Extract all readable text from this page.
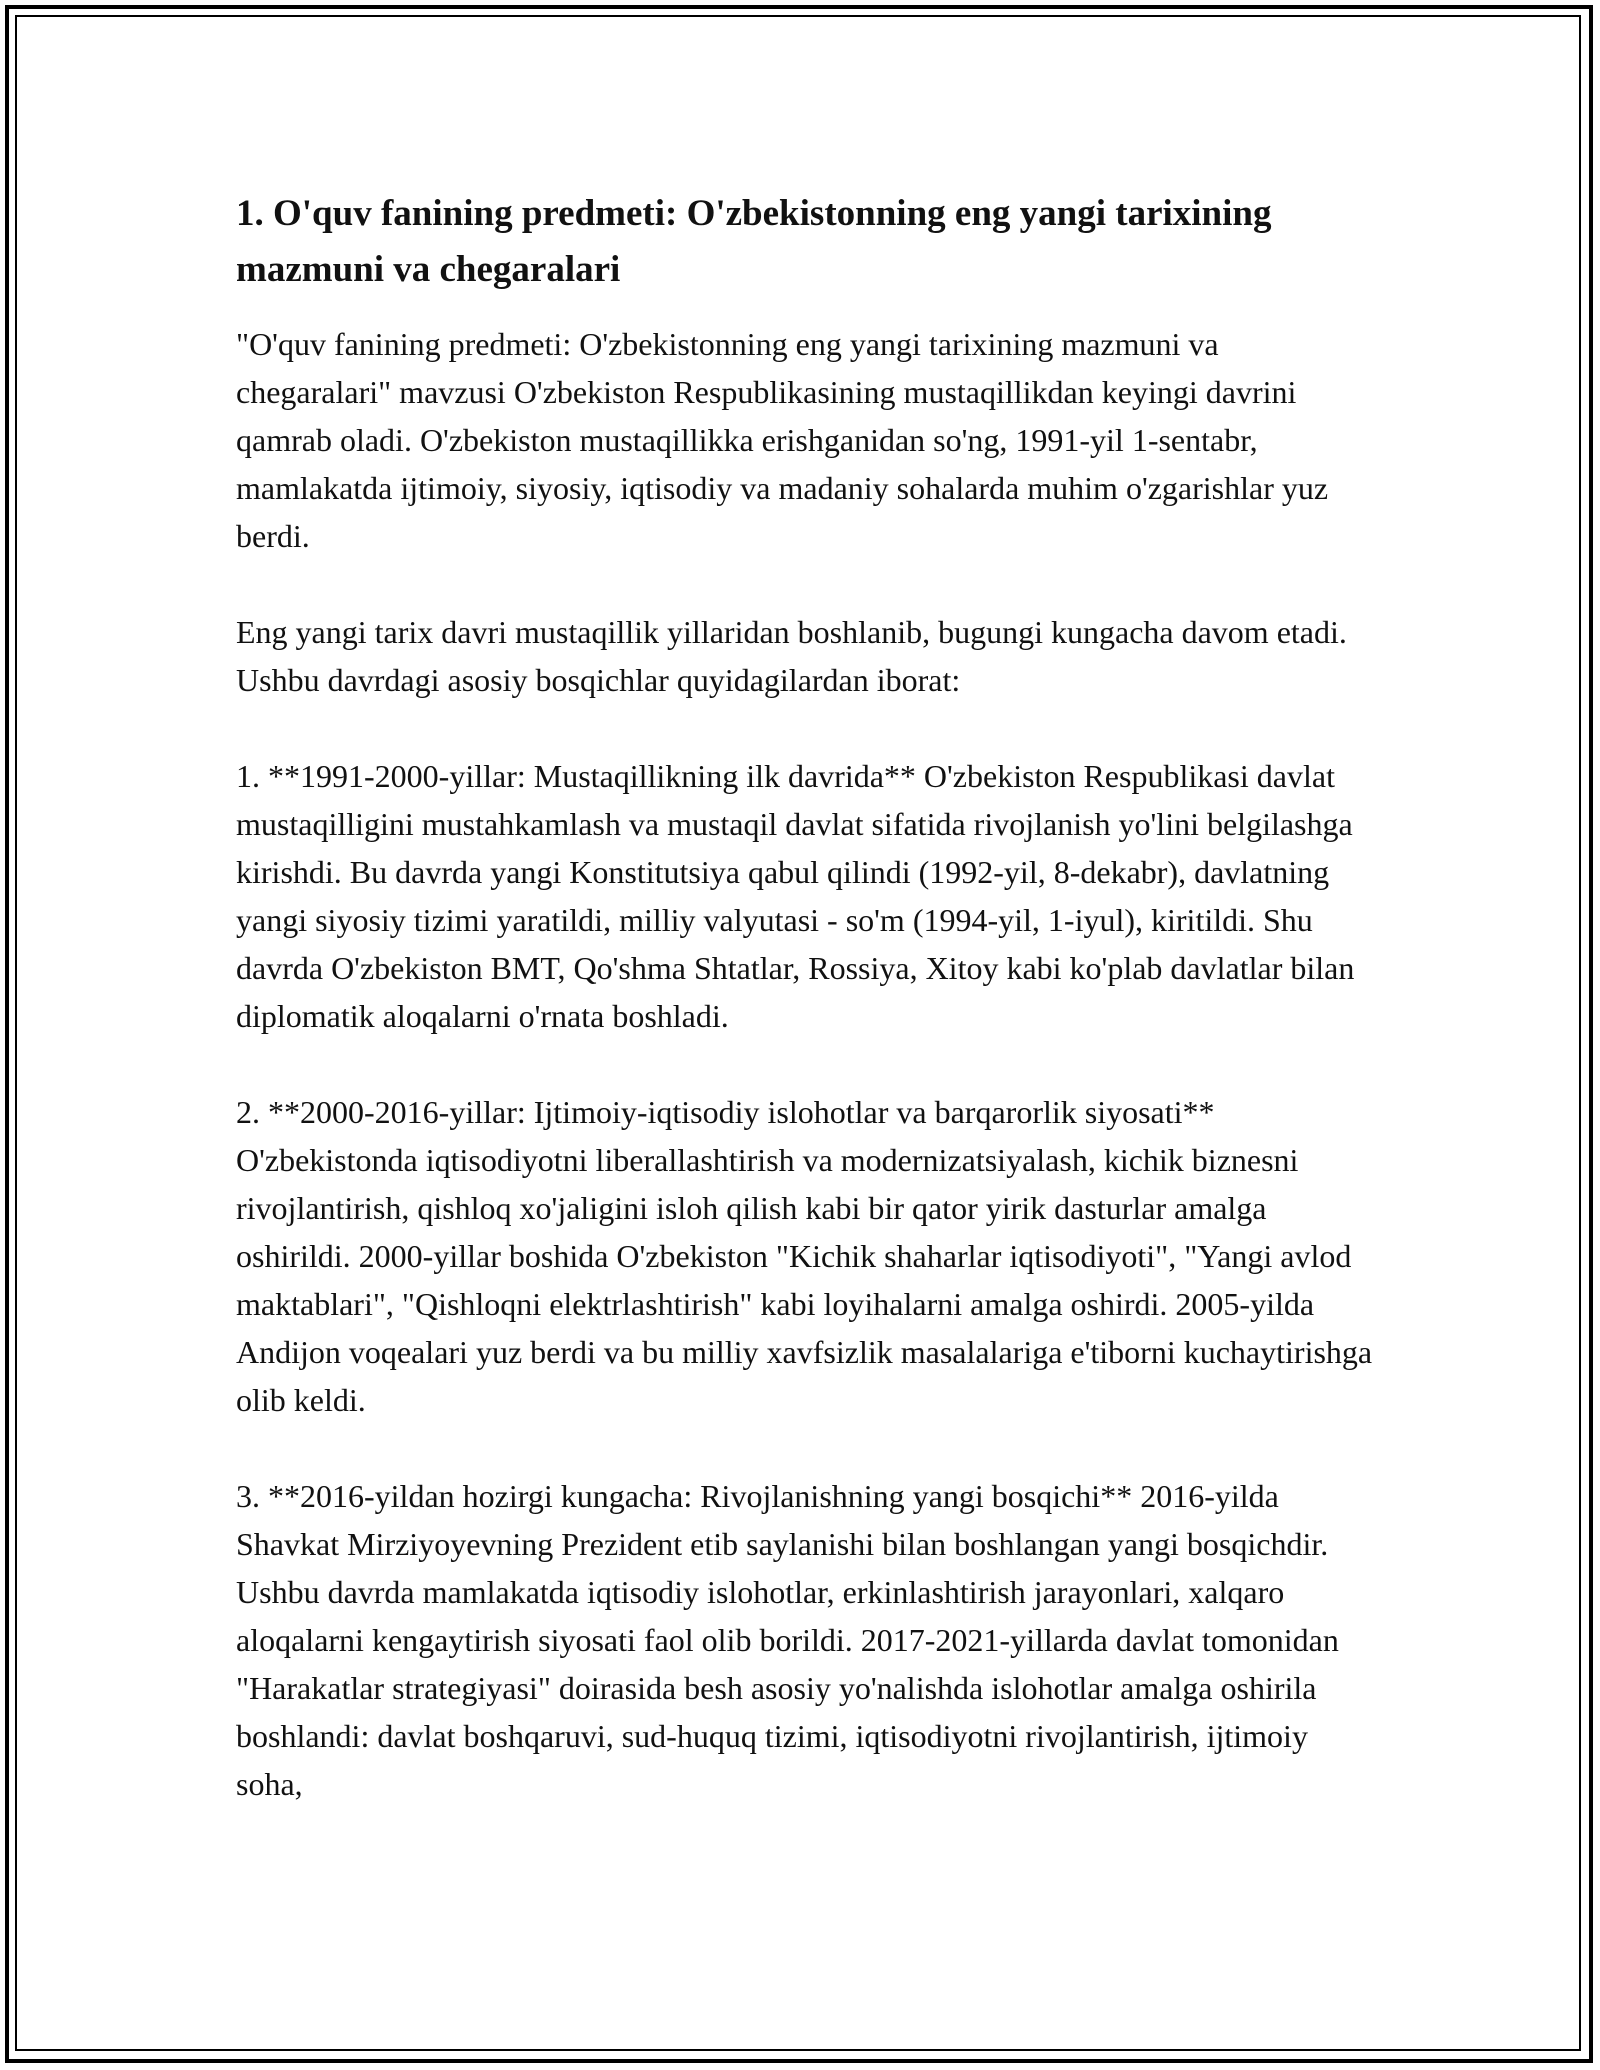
1. O'quv fanining predmeti: O'zbekistonning eng yangi tarixining mazmuni va chegaralari

"O'quv fanining predmeti: O'zbekistonning eng yangi tarixining mazmuni va chegaralari" mavzusi O'zbekiston Respublikasining mustaqillikdan keyingi davrini qamrab oladi. O'zbekiston mustaqillikka erishganidan so'ng, 1991-yil 1-sentabr, mamlakatda ijtimoiy, siyosiy, iqtisodiy va madaniy sohalarda muhim o'zgarishlar yuz berdi.

Eng yangi tarix davri mustaqillik yillaridan boshlanib, bugungi kungacha davom etadi. Ushbu davrdagi asosiy bosqichlar quyidagilardan iborat:

1. **1991-2000-yillar: Mustaqillikning ilk davrida** O'zbekiston Respublikasi davlat mustaqilligini mustahkamlash va mustaqil davlat sifatida rivojlanish yo'lini belgilashga kirishdi. Bu davrda yangi Konstitutsiya qabul qilindi (1992-yil, 8-dekabr), davlatning yangi siyosiy tizimi yaratildi, milliy valyutasi - so'm (1994-yil, 1-iyul), kiritildi. Shu davrda O'zbekiston BMT, Qo'shma Shtatlar, Rossiya, Xitoy kabi ko'plab davlatlar bilan diplomatik aloqalarni o'rnata boshladi.

2. **2000-2016-yillar: Ijtimoiy-iqtisodiy islohotlar va barqarorlik siyosati** O'zbekistonda iqtisodiyotni liberallashtirish va modernizatsiyalash, kichik biznesni rivojlantirish, qishloq xo'jaligini isloh qilish kabi bir qator yirik dasturlar amalga oshirildi. 2000-yillar boshida O'zbekiston "Kichik shaharlar iqtisodiyoti", "Yangi avlod maktablari", "Qishloqni elektrlashtirish" kabi loyihalarni amalga oshirdi. 2005-yilda Andijon voqealari yuz berdi va bu milliy xavfsizlik masalalariga e'tiborni kuchaytirishga olib keldi.

3. **2016-yildan hozirgi kungacha: Rivojlanishning yangi bosqichi** 2016-yilda Shavkat Mirziyoyevning Prezident etib saylanishi bilan boshlangan yangi bosqichdir. Ushbu davrda mamlakatda iqtisodiy islohotlar, erkinlashtirish jarayonlari, xalqaro aloqalarni kengaytirish siyosati faol olib borildi. 2017-2021-yillarda davlat tomonidan "Harakatlar strategiyasi" doirasida besh asosiy yo'nalishda islohotlar amalga oshirila boshlandi: davlat boshqaruvi, sud-huquq tizimi, iqtisodiyotni rivojlantirish, ijtimoiy soha,
